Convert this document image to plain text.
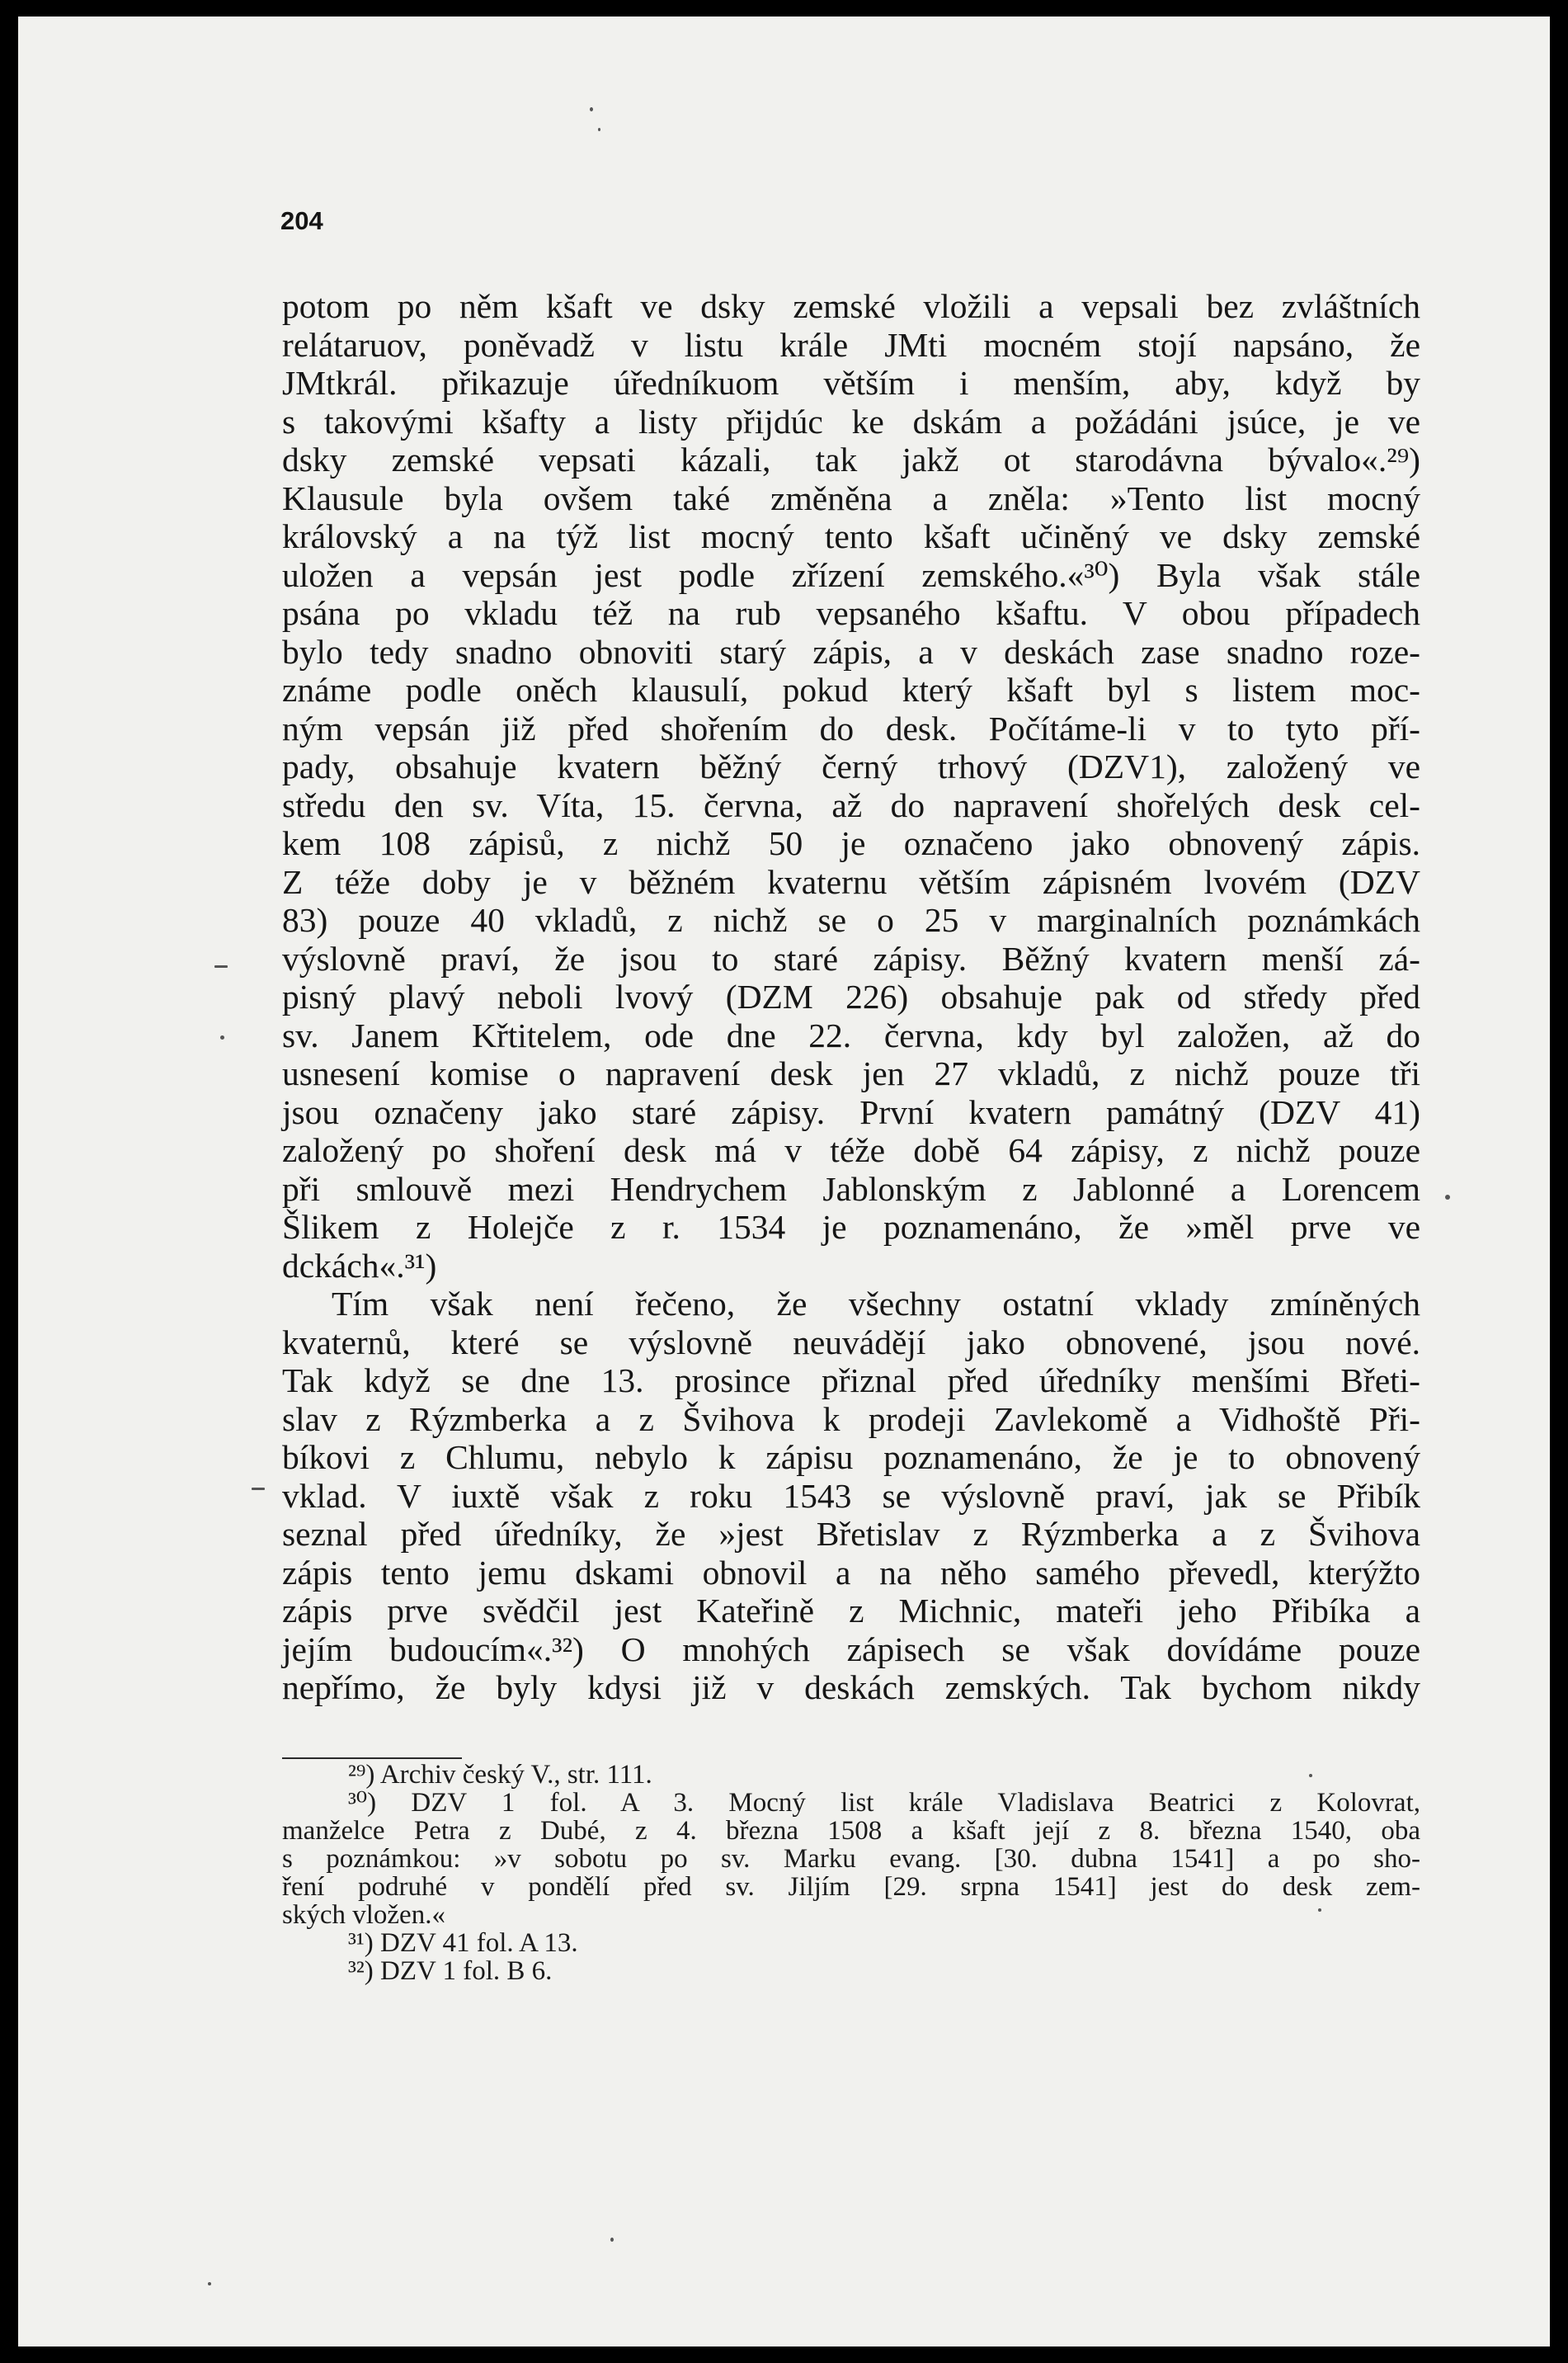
204
potom po něm kšaft ve dsky zemské vložili a vepsali bez zvláštních
relátaruov, poněvadž v listu krále JMti mocném stojí napsáno, že
JMtkrál. přikazuje úředníkuom větším i menším, aby, když by
s takovými kšafty a listy přijdúc ke dskám a požádáni jsúce, je ve
dsky zemské vepsati kázali, tak jakž ot starodávna bývalo«.²⁹)
Klausule byla ovšem také změněna a zněla: »Tento list mocný
královský a na týž list mocný tento kšaft učiněný ve dsky zemské
uložen a vepsán jest podle zřízení zemského.«³⁰) Byla však stále
psána po vkladu též na rub vepsaného kšaftu. V obou případech
bylo tedy snadno obnoviti starý zápis, a v deskách zase snadno roze-
známe podle oněch klausulí, pokud který kšaft byl s listem moc-
ným vepsán již před shořením do desk. Počítáme-li v to tyto pří-
pady, obsahuje kvatern běžný černý trhový (DZV1), založený ve
středu den sv. Víta, 15. června, až do napravení shořelých desk cel-
kem 108 zápisů, z nichž 50 je označeno jako obnovený zápis.
Z téže doby je v běžném kvaternu větším zápisném lvovém (DZV
83) pouze 40 vkladů, z nichž se o 25 v marginalních poznámkách
výslovně praví, že jsou to staré zápisy. Běžný kvatern menší zá-
pisný plavý neboli lvový (DZM 226) obsahuje pak od středy před
sv. Janem Křtitelem, ode dne 22. června, kdy byl založen, až do
usnesení komise o napravení desk jen 27 vkladů, z nichž pouze tři
jsou označeny jako staré zápisy. První kvatern památný (DZV 41)
založený po shoření desk má v téže době 64 zápisy, z nichž pouze
při smlouvě mezi Hendrychem Jablonským z Jablonné a Lorencem
Šlikem z Holejče z r. 1534 je poznamenáno, že »měl prve ve
dckách«.³¹)
Tím však není řečeno, že všechny ostatní vklady zmíněných
kvaternů, které se výslovně neuvádějí jako obnovené, jsou nové.
Tak když se dne 13. prosince přiznal před úředníky menšími Břeti-
slav z Rýzmberka a z Švihova k prodeji Zavlekomě a Vidhoště Při-
bíkovi z Chlumu, nebylo k zápisu poznamenáno, že je to obnovený
vklad. V iuxtě však z roku 1543 se výslovně praví, jak se Přibík
seznal před úředníky, že »jest Břetislav z Rýzmberka a z Švihova
zápis tento jemu dskami obnovil a na něho samého převedl, kterýžto
zápis prve svědčil jest Kateřině z Michnic, mateři jeho Přibíka a
jejím budoucím«.³²) O mnohých zápisech se však dovídáme pouze
nepřímo, že byly kdysi již v deskách zemských. Tak bychom nikdy
²⁹) Archiv český V., str. 111.
³⁰) DZV 1 fol. A 3. Mocný list krále Vladislava Beatrici z Kolovrat,
manželce Petra z Dubé, z 4. března 1508 a kšaft její z 8. března 1540, oba
s poznámkou: »v sobotu po sv. Marku evang. [30. dubna 1541] a po sho-
ření podruhé v pondělí před sv. Jiljím [29. srpna 1541] jest do desk zem-
ských vložen.«
³¹) DZV 41 fol. A 13.
³²) DZV 1 fol. B 6.
